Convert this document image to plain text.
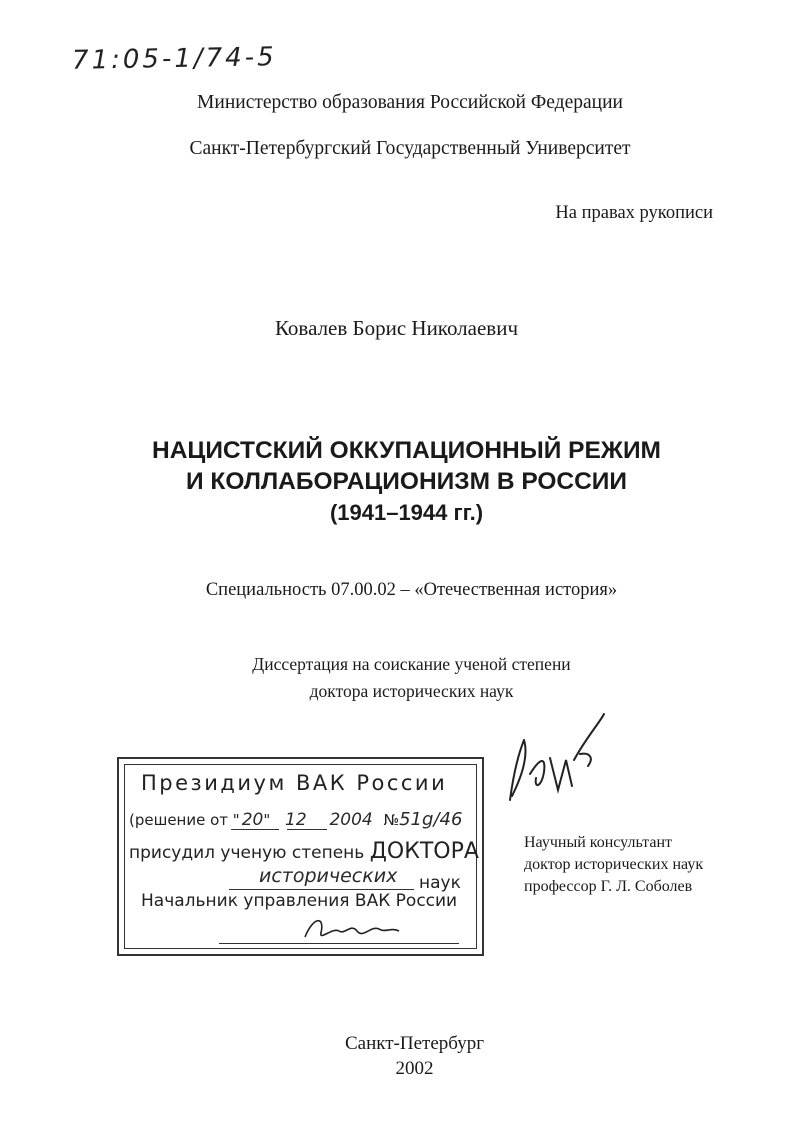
71:05-1/74-5
Министерство образования Российской Федерации
Санкт-Петербургский Государственный Университет
На правах рукописи
Ковалев Борис Николаевич
НАЦИСТСКИЙ ОККУПАЦИОННЫЙ РЕЖИМ
И КОЛЛАБОРАЦИОНИЗМ В РОССИИ
(1941–1944 гг.)
Специальность 07.00.02 – «Отечественная история»
Диссертация на соискание ученой степени
доктора исторических наук
Президиум ВАК России
(решение от " 20" 12 2004 №51g/46
присудил ученую степень ДОКТОРА
исторических наук
Начальник управления ВАК России
Научный консультант
доктор исторических наук
профессор Г. Л. Соболев
Санкт-Петербург
2002
